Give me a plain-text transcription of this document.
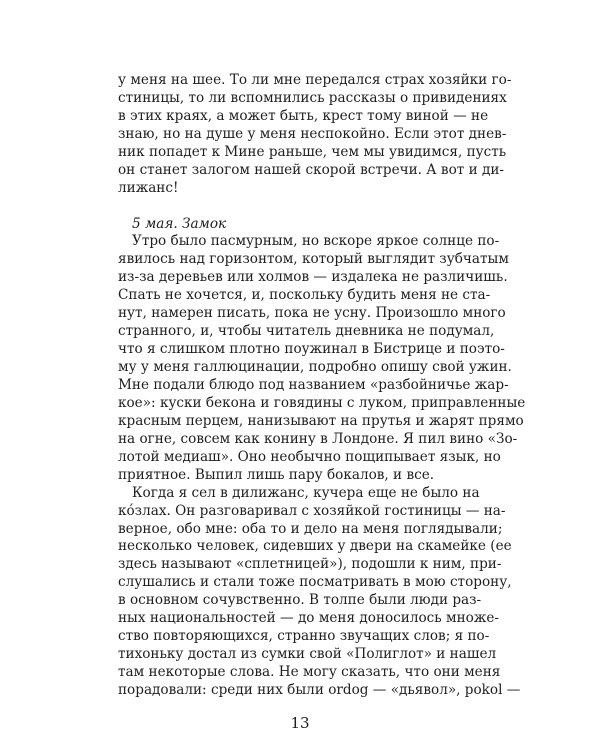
у меня на шее. То ли мне передался страх хозяйки го-
стиницы, то ли вспомнились рассказы о привидениях
в этих краях, а может быть, крест тому виной — не
знаю, но на душе у меня неспокойно. Если этот днев-
ник попадет к Мине раньше, чем мы увидимся, пусть
он станет залогом нашей скорой встречи. А вот и ди-
лижанс!
5 мая. Замок
Утро было пасмурным, но вскоре яркое солнце по-
явилось над горизонтом, который выглядит зубчатым
из-за деревьев или холмов — издалека не различишь.
Спать не хочется, и, поскольку будить меня не ста-
нут, намерен писать, пока не усну. Произошло много
странного, и, чтобы читатель дневника не подумал,
что я слишком плотно поужинал в Бистрице и поэто-
му у меня галлюцинации, подробно опишу свой ужин.
Мне подали блюдо под названием «разбойничье жар-
кое»: куски бекона и говядины с луком, приправленные
красным перцем, нанизывают на прутья и жарят прямо
на огне, совсем как конину в Лондоне. Я пил вино «Зо-
лотой медиаш». Оно необычно пощипывает язык, но
приятное. Выпил лишь пару бокалов, и все.
Когда я сел в дилижанс, кучера еще не было на
кóзлах. Он разговаривал с хозяйкой гостиницы — на-
верное, обо мне: оба то и дело на меня поглядывали;
несколько человек, сидевших у двери на скамейке (ее
здесь называют «сплетницей»), подошли к ним, при-
слушались и стали тоже посматривать в мою сторону,
в основном сочувственно. В толпе были люди раз-
ных национальностей — до меня доносилось множе-
ство повторяющихся, странно звучащих слов; я по-
тихоньку достал из сумки свой «Полиглот» и нашел
там некоторые слова. Не могу сказать, что они меня
порадовали: среди них были ordog — «дьявол», pokol —
13
